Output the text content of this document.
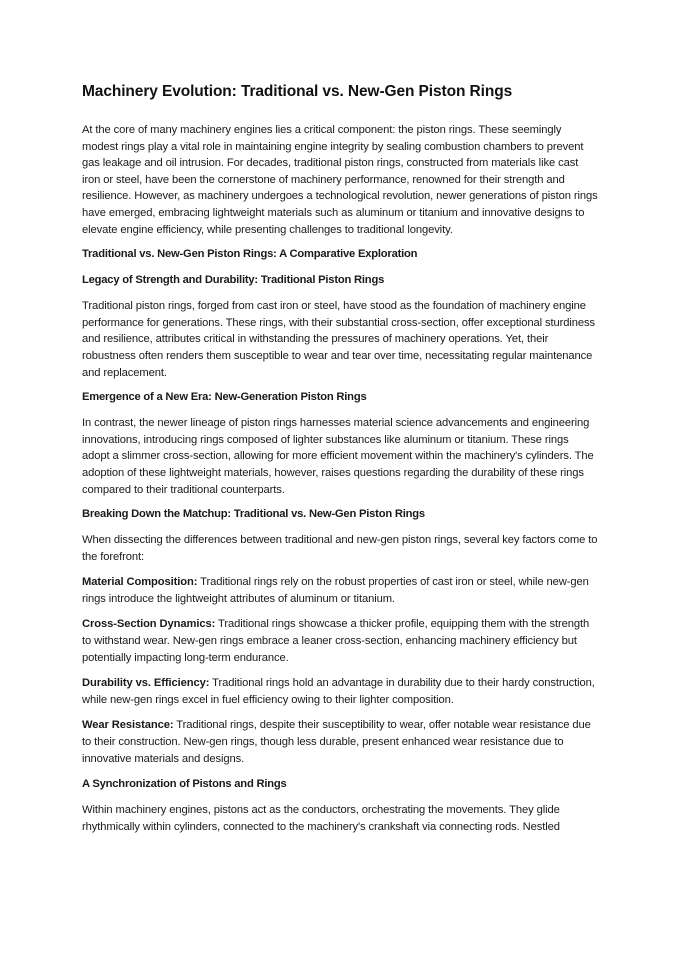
Machinery Evolution: Traditional vs. New-Gen Piston Rings

At the core of many machinery engines lies a critical component: the piston rings. These seemingly modest rings play a vital role in maintaining engine integrity by sealing combustion chambers to prevent gas leakage and oil intrusion. For decades, traditional piston rings, constructed from materials like cast iron or steel, have been the cornerstone of machinery performance, renowned for their strength and resilience. However, as machinery undergoes a technological revolution, newer generations of piston rings have emerged, embracing lightweight materials such as aluminum or titanium and innovative designs to elevate engine efficiency, while presenting challenges to traditional longevity.

Traditional vs. New-Gen Piston Rings: A Comparative Exploration
Legacy of Strength and Durability: Traditional Piston Rings

Traditional piston rings, forged from cast iron or steel, have stood as the foundation of machinery engine performance for generations. These rings, with their substantial cross-section, offer exceptional sturdiness and resilience, attributes critical in withstanding the pressures of machinery operations. Yet, their robustness often renders them susceptible to wear and tear over time, necessitating regular maintenance and replacement.

Emergence of a New Era: New-Generation Piston Rings

In contrast, the newer lineage of piston rings harnesses material science advancements and engineering innovations, introducing rings composed of lighter substances like aluminum or titanium. These rings adopt a slimmer cross-section, allowing for more efficient movement within the machinery's cylinders. The adoption of these lightweight materials, however, raises questions regarding the durability of these rings compared to their traditional counterparts.

Breaking Down the Matchup: Traditional vs. New-Gen Piston Rings

When dissecting the differences between traditional and new-gen piston rings, several key factors come to the forefront:

Material Composition: Traditional rings rely on the robust properties of cast iron or steel, while new-gen rings introduce the lightweight attributes of aluminum or titanium.

Cross-Section Dynamics: Traditional rings showcase a thicker profile, equipping them with the strength to withstand wear. New-gen rings embrace a leaner cross-section, enhancing machinery efficiency but potentially impacting long-term endurance.

Durability vs. Efficiency: Traditional rings hold an advantage in durability due to their hardy construction, while new-gen rings excel in fuel efficiency owing to their lighter composition.

Wear Resistance: Traditional rings, despite their susceptibility to wear, offer notable wear resistance due to their construction. New-gen rings, though less durable, present enhanced wear resistance due to innovative materials and designs.

A Synchronization of Pistons and Rings

Within machinery engines, pistons act as the conductors, orchestrating the movements. They glide rhythmically within cylinders, connected to the machinery's crankshaft via connecting rods. Nestled
